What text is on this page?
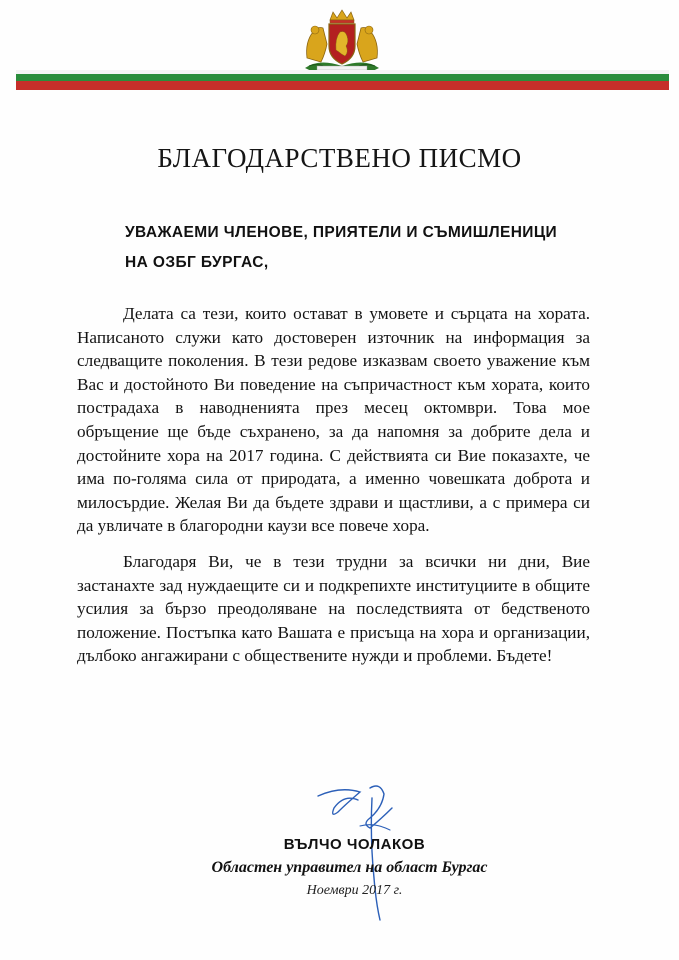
БЛАГОДАРСТВЕНО ПИСМО
УВАЖАЕМИ ЧЛЕНОВЕ, ПРИЯТЕЛИ И СЪМИШЛЕНИЦИ
НА ОЗБГ БУРГАС,

Делата са тези, които остават в умовете и сърцата на хората. Написаното служи като достоверен източник на информация за следващите поколения. В тези редове изказвам своето уважение към Вас и достойното Ви поведение на съпричастност към хората, които пострадаха в наводненията през месец октомври. Това мое обръщение ще бъде съхранено, за да напомня за добрите дела и достойните хора на 2017 година. С действията си Вие показахте, че има по-голяма сила от природата, а именно човешката доброта и милосърдие. Желая Ви да бъдете здрави и щастливи, а с примера си да увличате в благородни каузи все повече хора.

Благодаря Ви, че в тези трудни за всички ни дни, Вие застанахте зад нуждаещите си и подкрепихте институциите в общите усилия за бързо преодоляване на последствията от бедственото положение. Постъпка като Вашата е присъща на хора и организации, дълбоко ангажирани с обществените нужди и проблеми. Бъдете!

ВЪЛЧО ЧОЛАКОВ
Областен управител на област Бургас
Ноември 2017 г.
